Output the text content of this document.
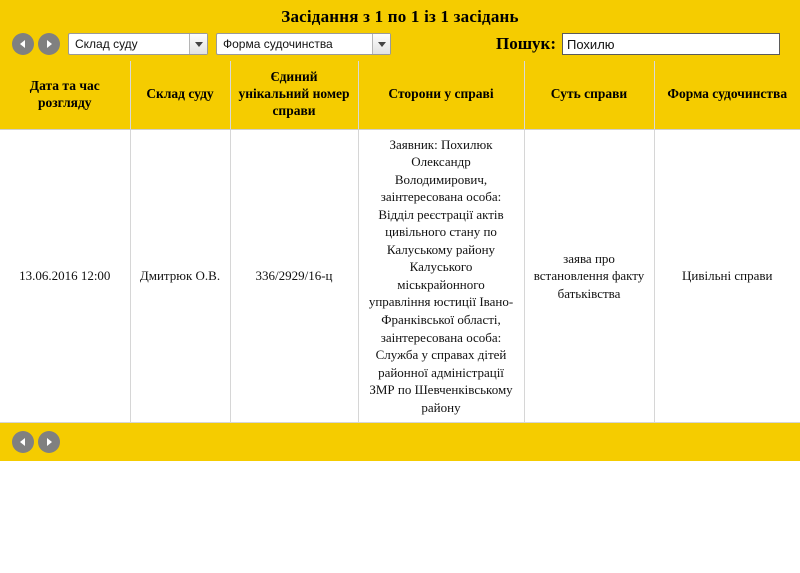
Засідання з 1 по 1 із 1 засідань
Склад суду	Форма судочинства	Пошук:
Похилю
Дата та час розгляду	Склад суду	Єдиний унікальний номер справи	Сторони у справі	Суть справи	Форма судочинства
13.06.2016 12:00	Дмитрюк О.В.	336/2929/16-ц	Заявник: Похилюк Олександр Володимирович, заінтересована особа: Відділ реєстрації актів цивільного стану по Калуському району Калуського міськрайонного управління юстиції Івано-Франківської області, заінтересована особа: Служба у справах дітей районної адміністрації ЗМР по Шевченківському району	заява про встановлення факту батьківства	Цивільні справи
